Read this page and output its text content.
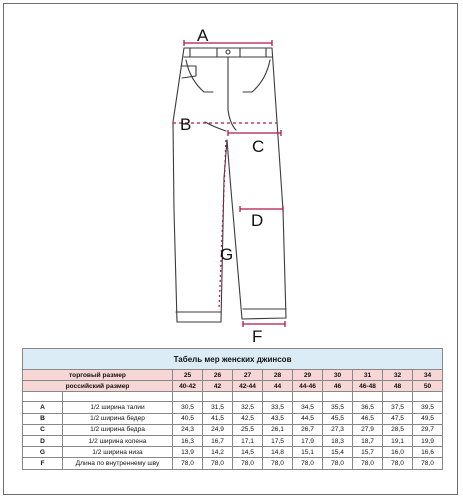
A
B
C
D
G
F
Табель мер женских джинсов										
торговый размер		25	26	27	28	29	30	31	32	34
российский размер		40-42	42	42-44	44	44-46	46	46-48	48	50

A	1/2 ширина талии	30,5	31,5	32,5	33,5	34,5	35,5	36,5	37,5	39,5
B	1/2 ширина бедер	40,5	41,5	42,5	43,5	44,5	45,5	46,5	47,5	49,5
C	1/2 ширина бедра	24,3	24,9	25,5	26,1	26,7	27,3	27,9	28,5	29,7
D	1/2 ширина колена	16,3	16,7	17,1	17,5	17,9	18,3	18,7	19,1	19,9
G	1/2 ширина низа	13,9	14,2	14,5	14,8	15,1	15,4	15,7	16,0	16,6
F	Длина по внутреннему шву	78,0	78,0	78,0	78,0	78,0	78,0	78,0	78,0	78,0
